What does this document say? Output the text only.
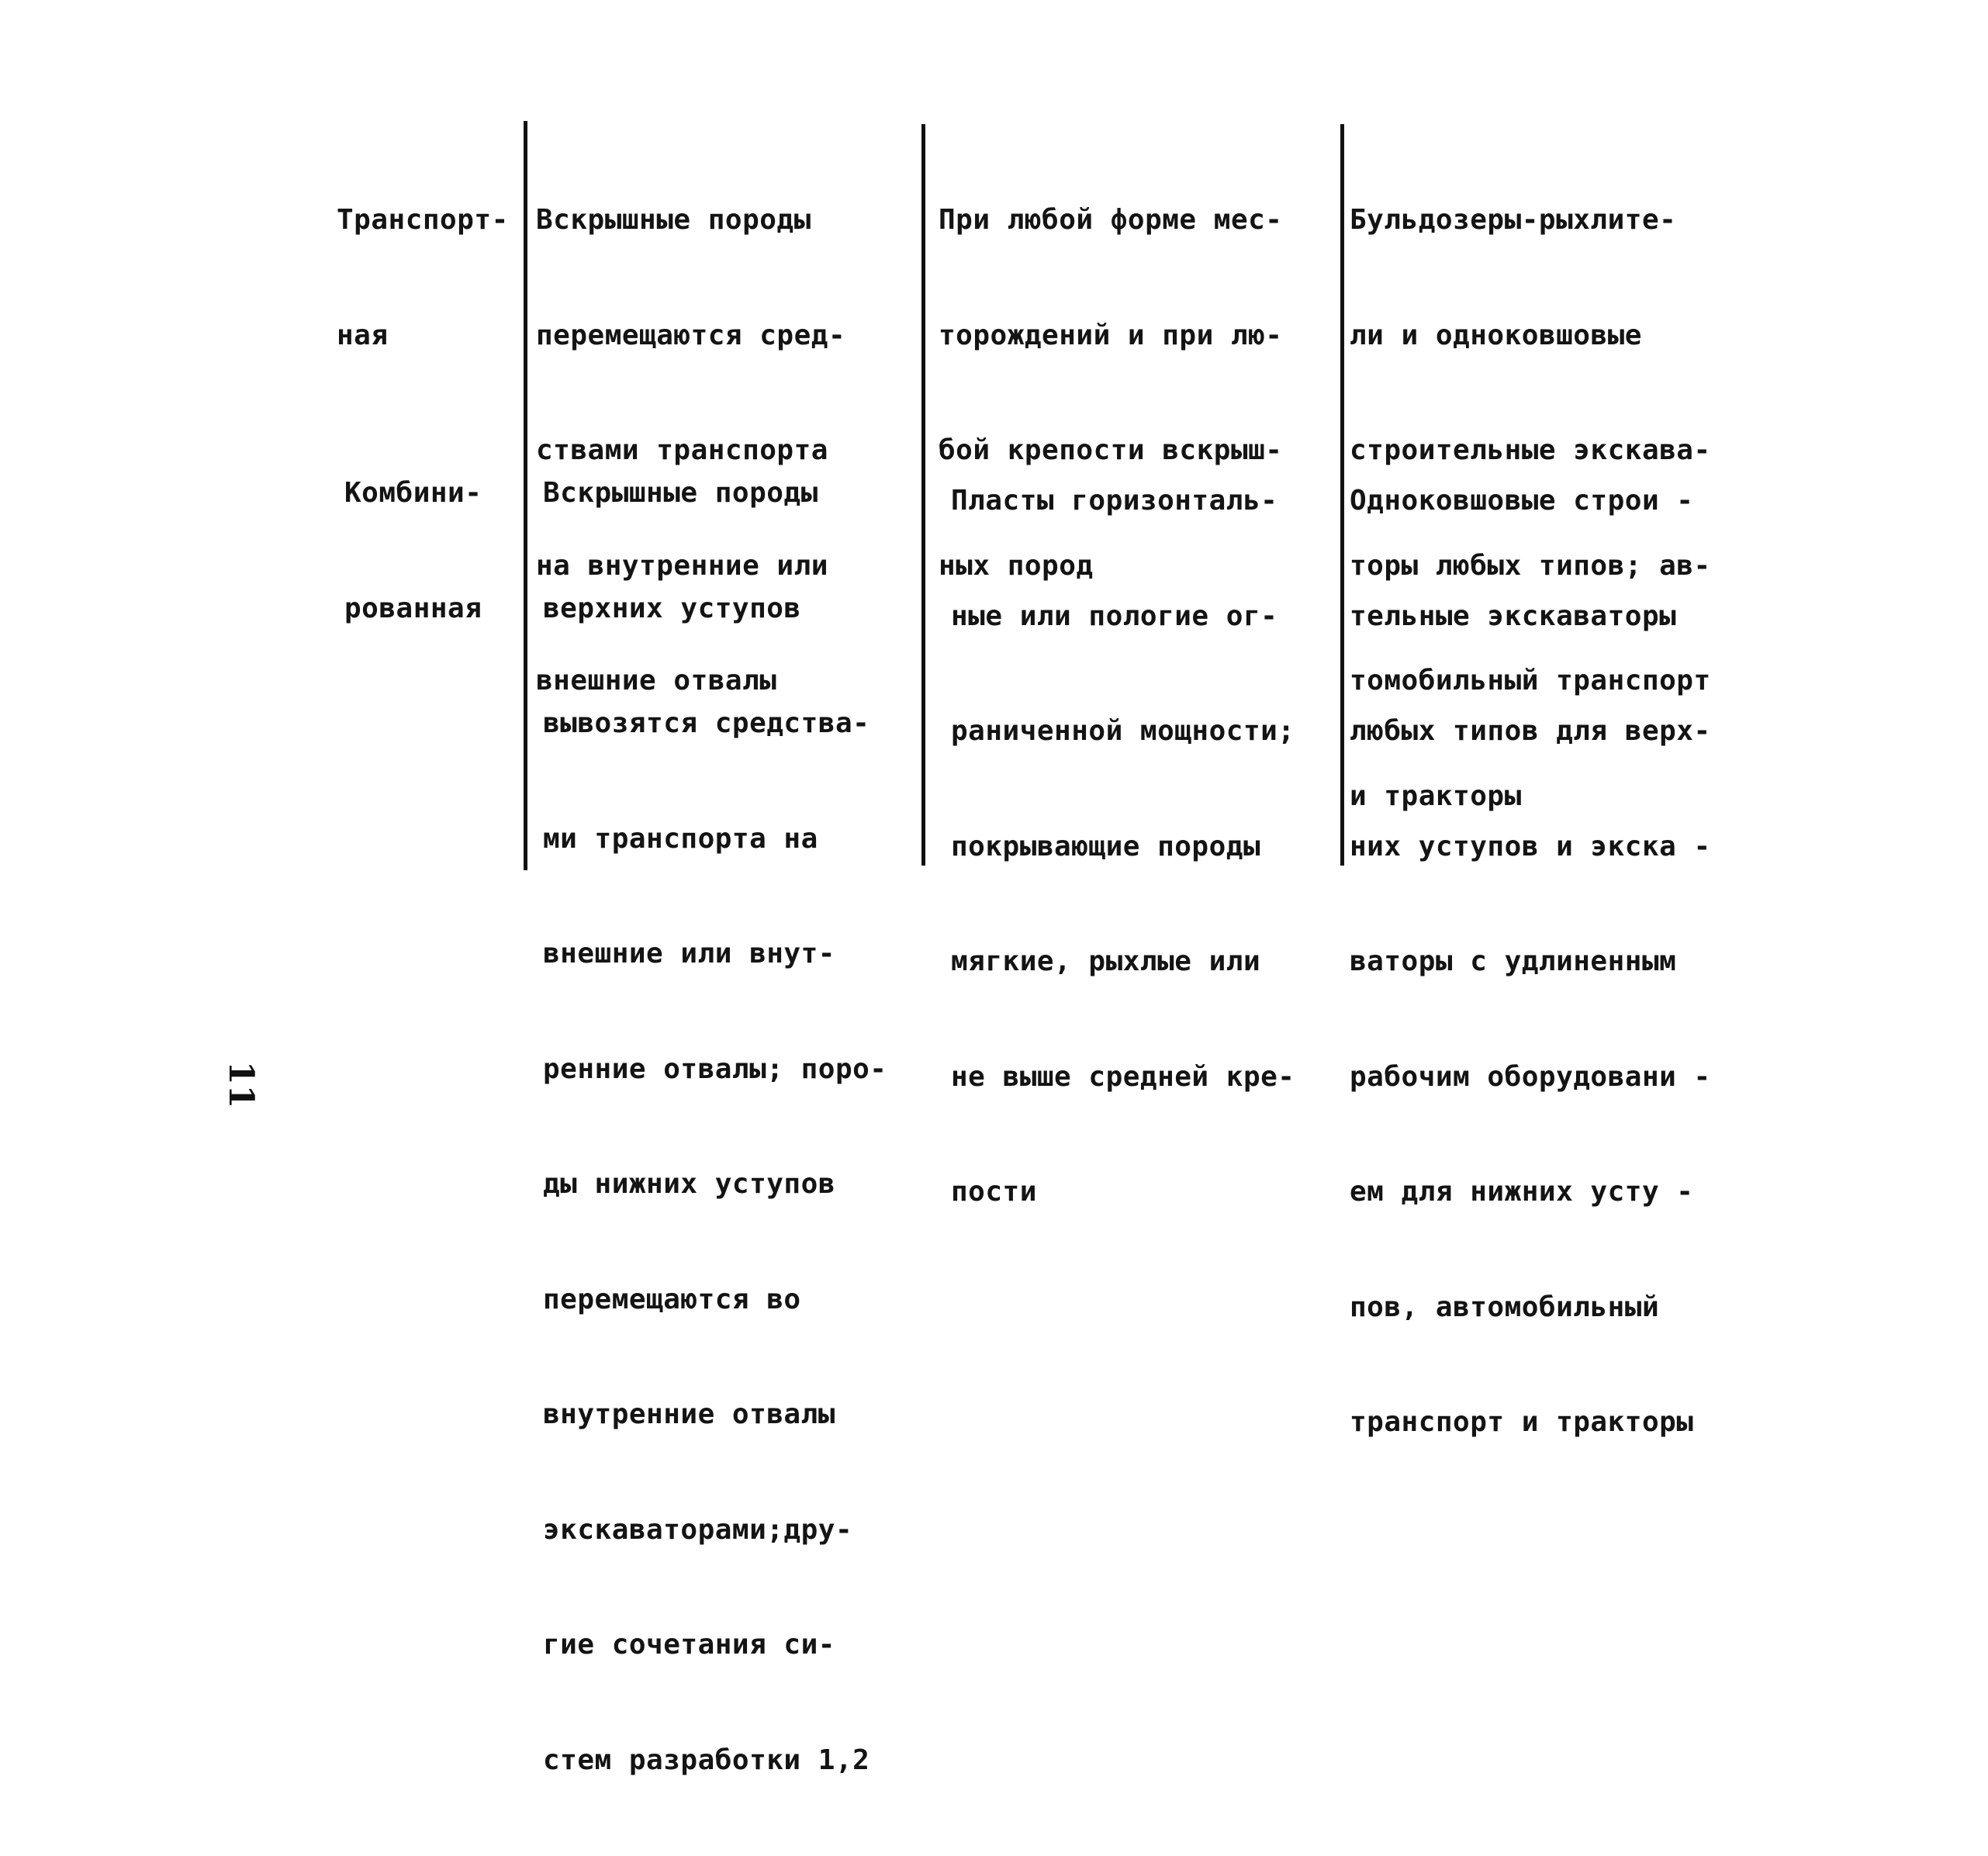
Транспорт-

ная

Вскрышные породы

перемещаются сред-

ствами транспорта

на внутренние или

внешние отвалы

При любой форме мес-

торождений и при лю-

бой крепости вскрыш-

ных пород

Бульдозеры-рыхлите-

ли и одноковшовые

строительные экскава-

торы любых типов; ав-

томобильный транспорт

и тракторы

Комбини-

рованная

Вскрышные породы

верхних уступов

вывозятся средства-

ми транспорта на

внешние или внут-

ренние отвалы; поро-

ды нижних уступов

перемещаются во

внутренние отвалы

экскаваторами;дру-

гие сочетания си-

стем разработки 1,2

Пласты горизонталь-

ные или пологие ог-

раниченной мощности;

покрывающие породы

мягкие, рыхлые или

не выше средней кре-

пости

Одноковшовые строи -

тельные экскаваторы

любых типов для верх-

них уступов и экска -

ваторы с удлиненным

рабочим оборудовани -

ем для нижних усту -

пов, автомобильный

транспорт и тракторы

11
